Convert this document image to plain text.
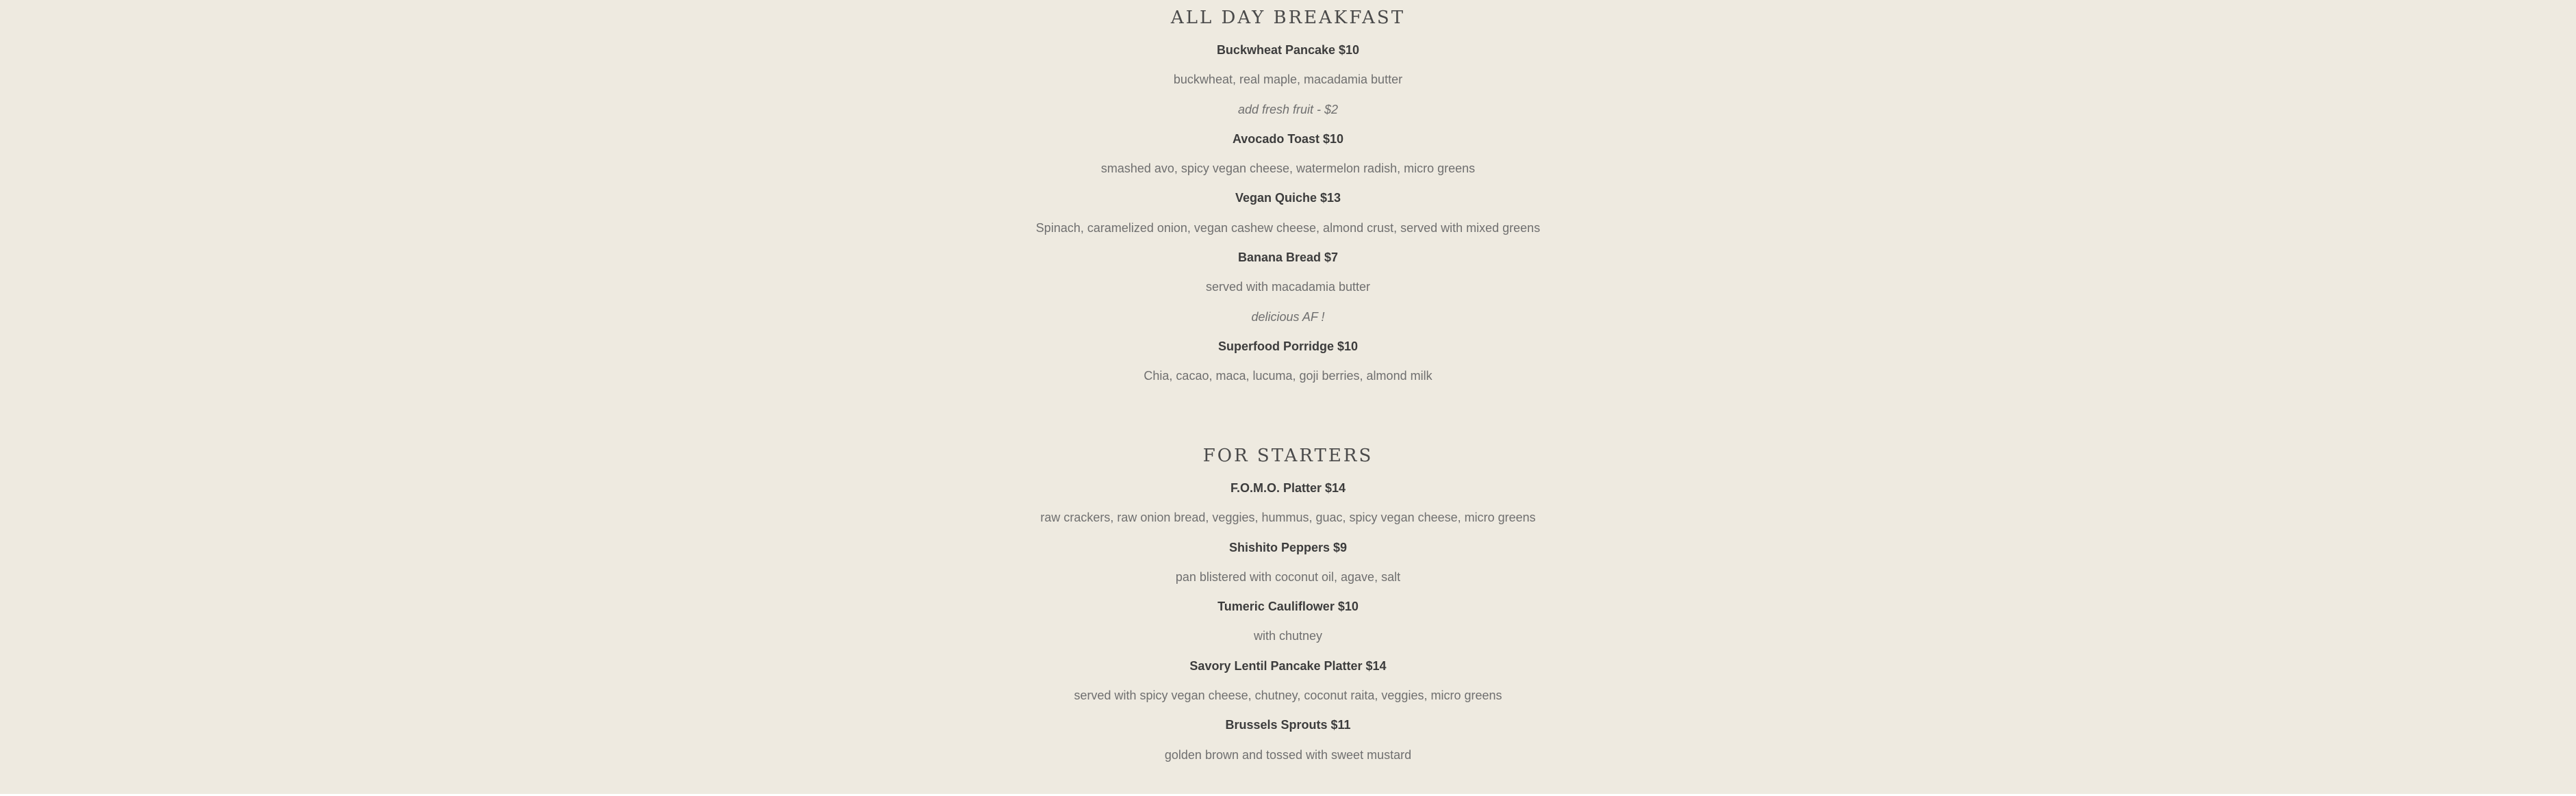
ALL DAY BREAKFAST
Buckwheat Pancake $10
buckwheat, real maple, macadamia butter
add fresh fruit - $2
Avocado Toast $10
smashed avo, spicy vegan cheese, watermelon radish, micro greens
Vegan Quiche $13
Spinach, caramelized onion, vegan cashew cheese, almond crust, served with mixed greens
Banana Bread $7
served with macadamia butter
delicious AF !
Superfood Porridge $10
Chia, cacao, maca, lucuma, goji berries, almond milk
FOR STARTERS
F.O.M.O. Platter $14
raw crackers, raw onion bread, veggies, hummus, guac, spicy vegan cheese, micro greens
Shishito Peppers $9
pan blistered with coconut oil, agave, salt
Tumeric Cauliflower $10
with chutney
Savory Lentil Pancake Platter $14
served with spicy vegan cheese, chutney, coconut raita, veggies, micro greens
Brussels Sprouts $11
golden brown and tossed with sweet mustard
